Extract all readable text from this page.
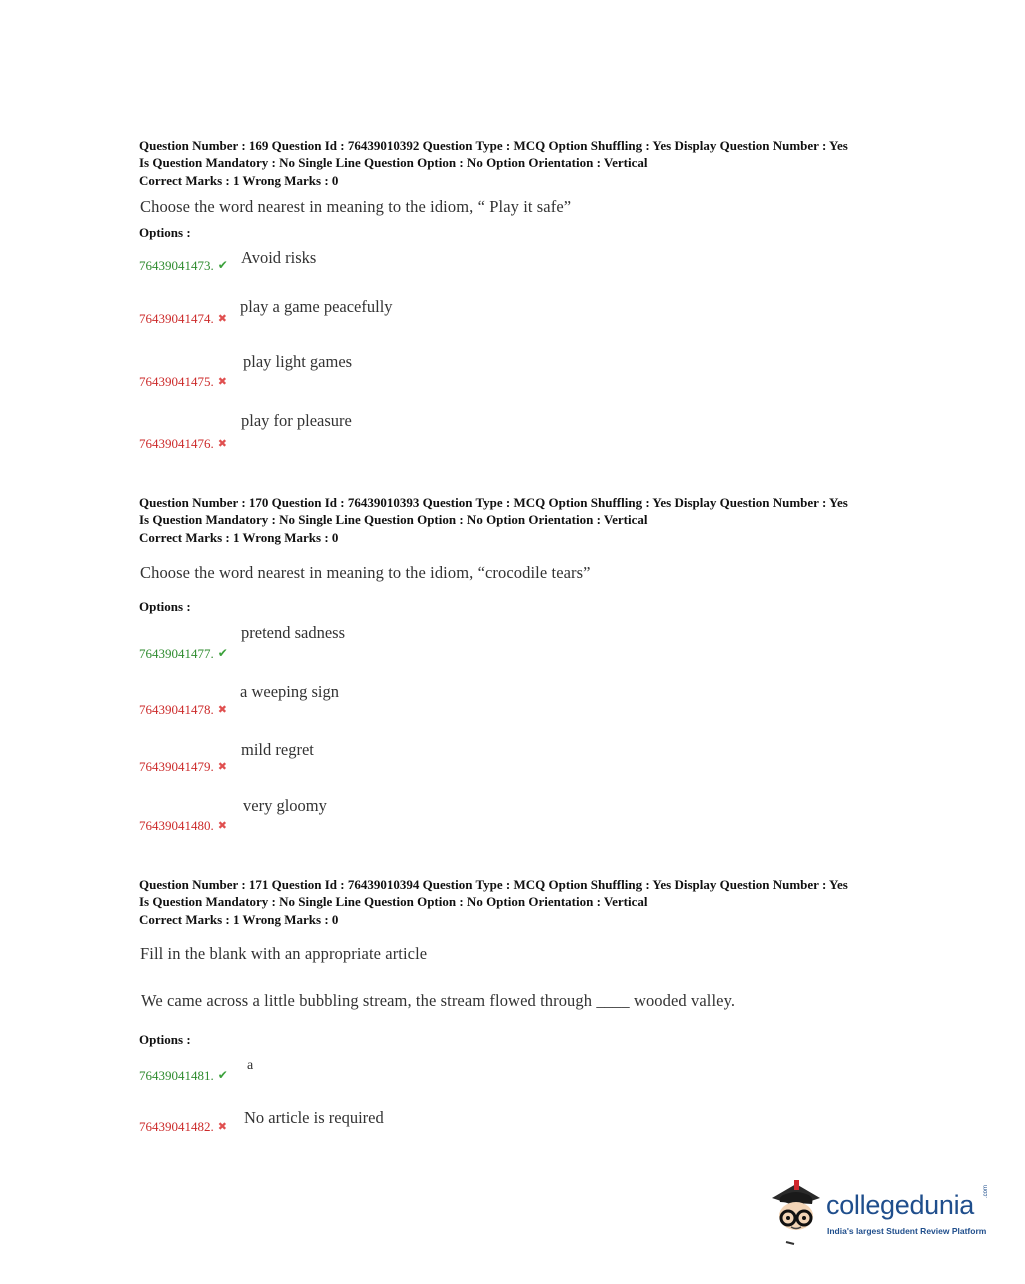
Question Number : 169 Question Id : 76439010392 Question Type : MCQ Option Shuffling : Yes Display Question Number : Yes
Is Question Mandatory : No Single Line Question Option : No Option Orientation : Vertical
Correct Marks : 1 Wrong Marks : 0
Choose the word nearest in meaning to the idiom, “ Play it safe”
Options :
76439041473. ✔ Avoid risks
76439041474. ✖
play a game peacefully
76439041475. ✖
play light games
76439041476. ✖
play for pleasure
Question Number : 170 Question Id : 76439010393 Question Type : MCQ Option Shuffling : Yes Display Question Number : Yes
Is Question Mandatory : No Single Line Question Option : No Option Orientation : Vertical
Correct Marks : 1 Wrong Marks : 0
Choose the word nearest in meaning to the idiom, “crocodile tears”
Options :
76439041477. ✔
pretend sadness
76439041478. ✖
a weeping sign
76439041479. ✖
mild regret
76439041480. ✖
very gloomy
Question Number : 171 Question Id : 76439010394 Question Type : MCQ Option Shuffling : Yes Display Question Number : Yes
Is Question Mandatory : No Single Line Question Option : No Option Orientation : Vertical
Correct Marks : 1 Wrong Marks : 0
Fill in the blank with an appropriate article
We came across a little bubbling stream, the stream flowed through ____ wooded valley.
Options :
76439041481. ✔
a
76439041482. ✖ No article is required
collegedunia .com
India's largest Student Review Platform
